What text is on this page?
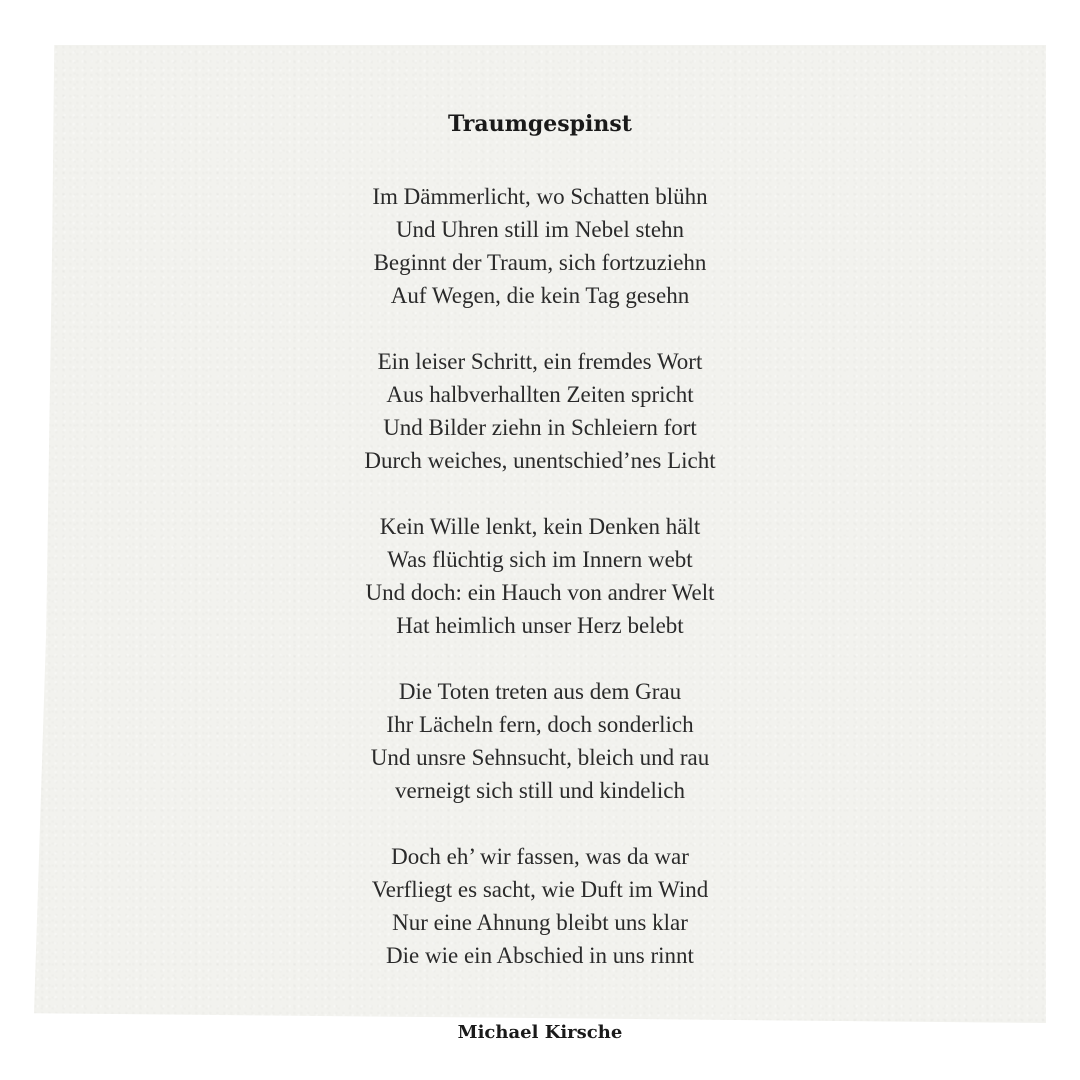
Traumgespinst
Im Dämmerlicht, wo Schatten blühn
Und Uhren still im Nebel stehn
Beginnt der Traum, sich fortzuziehn
Auf Wegen, die kein Tag gesehn
Ein leiser Schritt, ein fremdes Wort
Aus halbverhallten Zeiten spricht
Und Bilder ziehn in Schleiern fort
Durch weiches, unentschied’nes Licht
Kein Wille lenkt, kein Denken hält
Was flüchtig sich im Innern webt
Und doch: ein Hauch von andrer Welt
Hat heimlich unser Herz belebt
Die Toten treten aus dem Grau
Ihr Lächeln fern, doch sonderlich
Und unsre Sehnsucht, bleich und rau
verneigt sich still und kindelich
Doch eh’ wir fassen, was da war
Verfliegt es sacht, wie Duft im Wind
Nur eine Ahnung bleibt uns klar
Die wie ein Abschied in uns rinnt
Michael Kirsche
